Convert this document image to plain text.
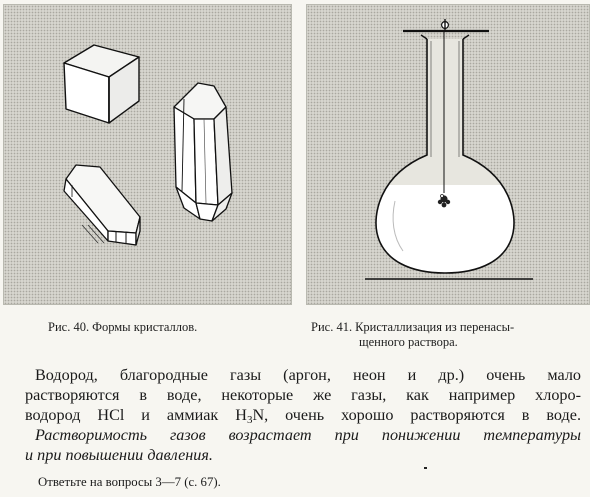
Рис. 40. Формы кристаллов.	Рис. 41. Кристаллизация из перенасы-
щенного раствора.
Водород, благородные газы (аргон, неон и др.) очень мало
растворяются в воде, некоторые же газы, как например хлоро-
водород HCl и аммиак $H_3N$, очень хорошо растворяются в воде.
Растворимость газов возрастает при понижении температуры
и при повышении давления.
Ответьте на вопросы 3—7 (с. 67).
